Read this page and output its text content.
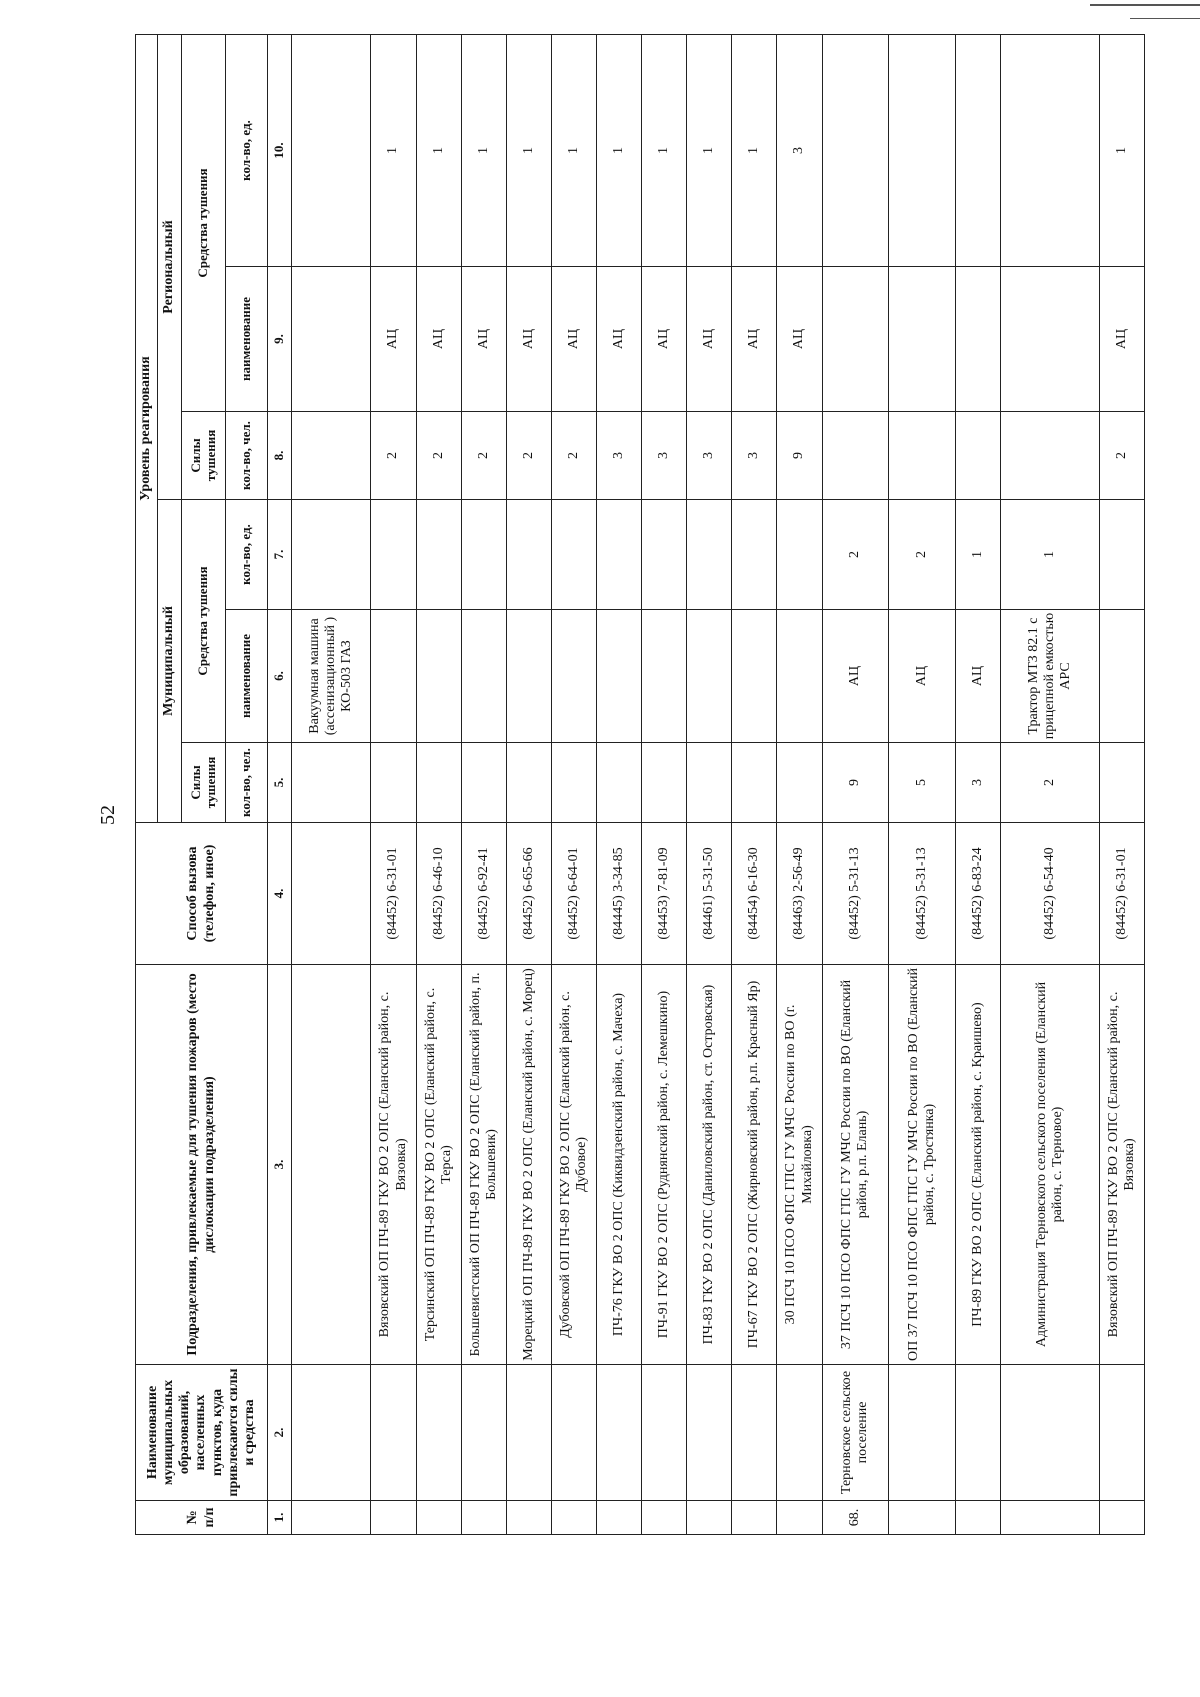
52
№ п/п	Наименование муниципальных образований, населенных пунктов, куда привлекаются силы и средства	Подразделения, привлекаемые для тушения пожаров (место дислокации подразделения)	Способ вызова (телефон, иное)	Уровень реагирования					
				Муниципальный			Региональный		
				Силы тушения	Средства тушения		Силы тушения	Средства тушения	
				кол-во, чел.	наименование	кол-во, ед.	кол-во, чел.	наименование	кол-во, ед.
1.	2.	3.	4.	5.	6.	7.	8.	9.	10.
					Вакуумная машина (ассенизационный ) КО-503 ГАЗ				
		Вязовский ОП ПЧ-89 ГКУ ВО 2 ОПС (Еланский район, с. Вязовка)	(84452) 6-31-01				2	АЦ	1
		Терсинский ОП ПЧ-89 ГКУ ВО 2 ОПС (Еланский район, с. Терса)	(84452) 6-46-10				2	АЦ	1
		Большевистский ОП ПЧ-89 ГКУ ВО 2 ОПС (Еланский район, п. Большевик)	(84452) 6-92-41				2	АЦ	1
		Морецкий ОП ПЧ-89 ГКУ ВО 2 ОПС (Еланский район, с. Морец)	(84452) 6-65-66				2	АЦ	1
		Дубовской ОП ПЧ-89 ГКУ ВО 2 ОПС (Еланский район, с. Дубовое)	(84452) 6-64-01				2	АЦ	1
		ПЧ-76 ГКУ ВО 2 ОПС (Киквидзенский район, с. Мачеха)	(84445) 3-34-85				3	АЦ	1
		ПЧ-91 ГКУ ВО 2 ОПС (Руднянский район, с. Лемешкино)	(84453) 7-81-09				3	АЦ	1
		ПЧ-83 ГКУ ВО 2 ОПС (Даниловский район, ст. Островская)	(84461) 5-31-50				3	АЦ	1
		ПЧ-67 ГКУ ВО 2 ОПС (Жирновский район, р.п. Красный Яр)	(84454) 6-16-30				3	АЦ	1
		30 ПСЧ 10 ПСО ФПС ГПС ГУ МЧС России по ВО (г. Михайловка)	(84463) 2-56-49				9	АЦ	3
68.	Терновское сельское поселение	37 ПСЧ 10 ПСО ФПС ГПС ГУ МЧС России по ВО (Еланский район, р.п. Елань)	(84452) 5-31-13	9	АЦ	2			
		ОП 37 ПСЧ 10 ПСО ФПС ГПС ГУ МЧС России по ВО (Еланский район, с. Тростянка)	(84452) 5-31-13	5	АЦ	2			
		ПЧ-89 ГКУ ВО 2 ОПС (Еланский район, с. Краишево)	(84452) 6-83-24	3	АЦ	1			
		Администрация Терновского сельского поселения (Еланский район, с. Терновое)	(84452) 6-54-40	2	Трактор МТЗ 82.1 с прицепной емкостью АРС	1			
		Вязовский ОП ПЧ-89 ГКУ ВО 2 ОПС (Еланский район, с. Вязовка)	(84452) 6-31-01				2	АЦ	1
